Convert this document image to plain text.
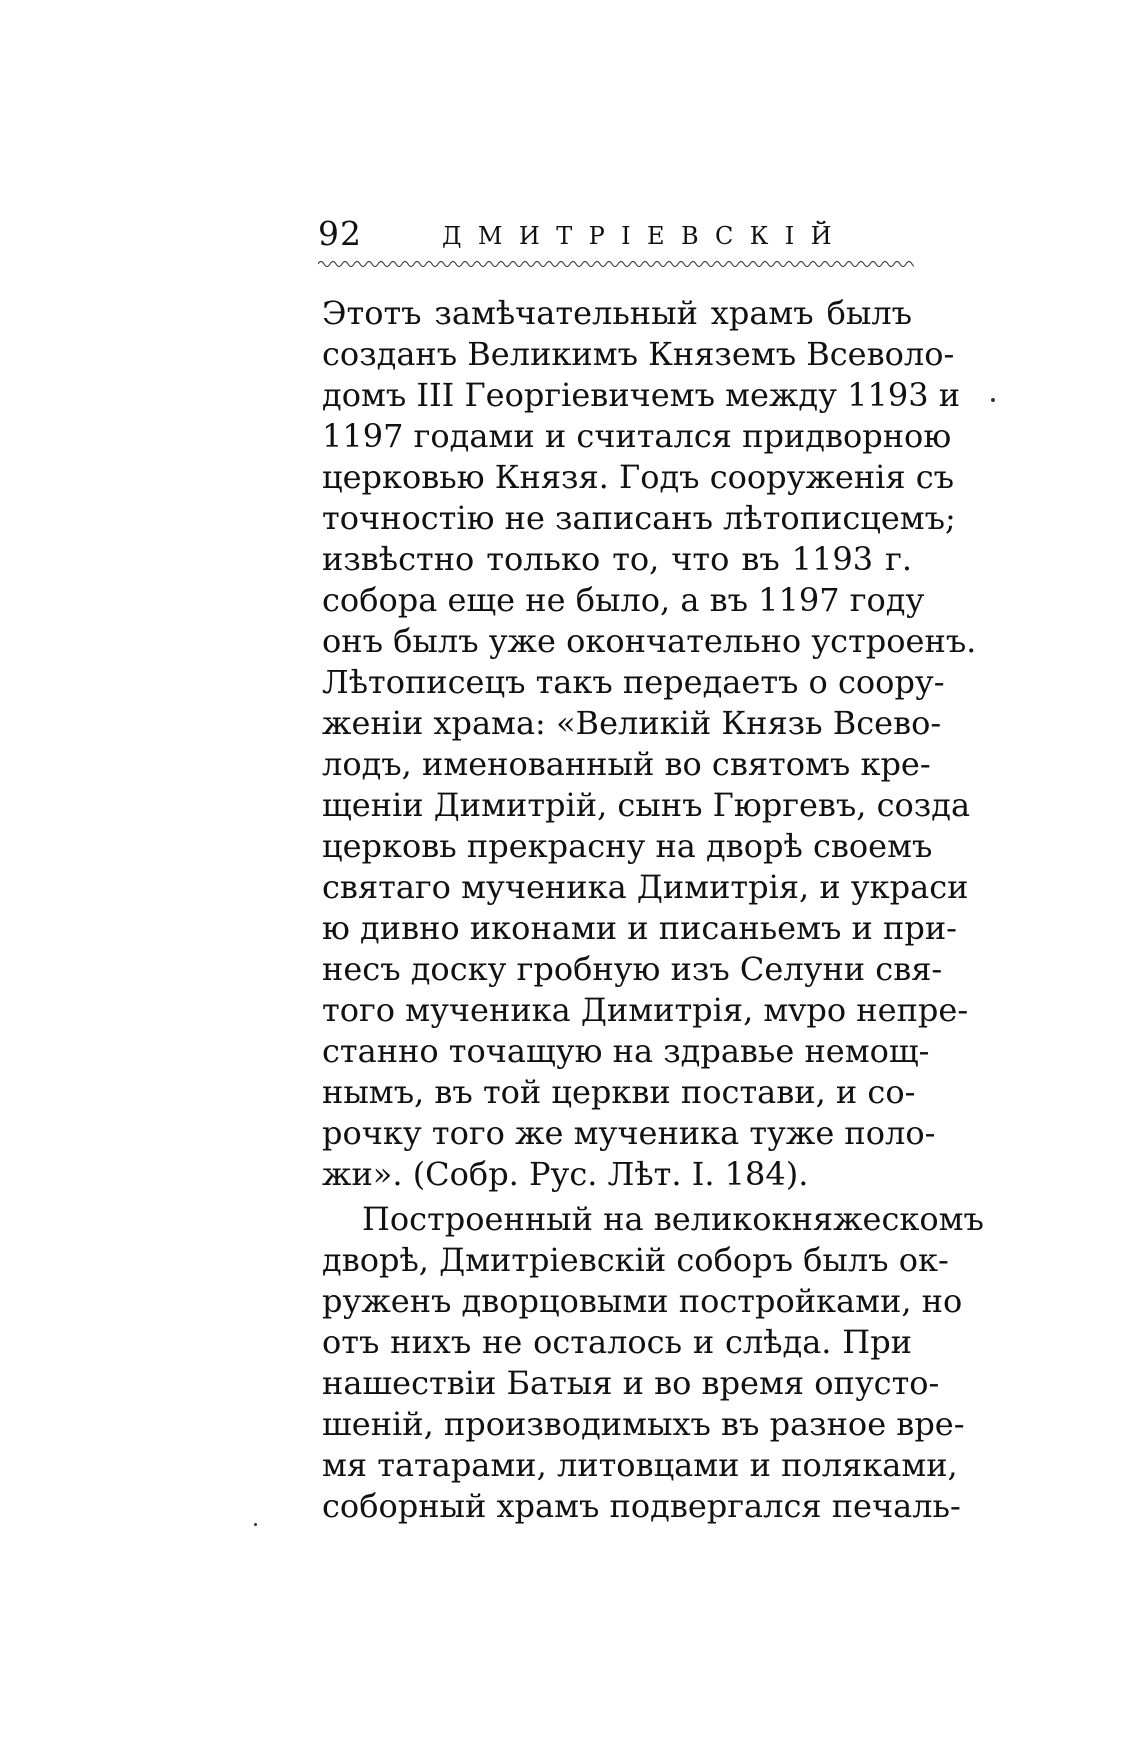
92	ДМИТРІЕВСКІЙ
Этотъ замѣчательный храмъ былъ
созданъ Великимъ Княземъ Всеволо-
домъ III Георгіевичемъ между 1193 и
1197 годами и считался придворною
церковью Князя. Годъ сооруженія съ
точностію не записанъ лѣтописцемъ;
извѣстно только то, что въ 1193 г.
собора еще не было, а въ 1197 году
онъ былъ уже окончательно устроенъ.
Лѣтописецъ такъ передаетъ о соору-
женіи храма: «Великій Князь Всево-
лодъ, именованный во святомъ кре-
щеніи Димитрій, сынъ Гюргевъ, созда
церковь прекрасну на дворѣ своемъ
святаго мученика Димитрія, и украси
ю дивно иконами и писаньемъ и при-
несъ доску гробную изъ Селуни свя-
того мученика Димитрія, мvро непре-
станно точащую на здравье немощ-
нымъ, въ той церкви постави, и со-
рочку того же мученика туже поло-
жи». (Собр. Рус. Лѣт. I. 184).
Построенный на великокняжескомъ
дворѣ, Дмитріевскій соборъ былъ ок-
руженъ дворцовыми постройками, но
отъ нихъ не осталось и слѣда. При
нашествіи Батыя и во время опусто-
шеній, производимыхъ въ разное вре-
мя татарами, литовцами и поляками,
соборный храмъ подвергался печаль-
